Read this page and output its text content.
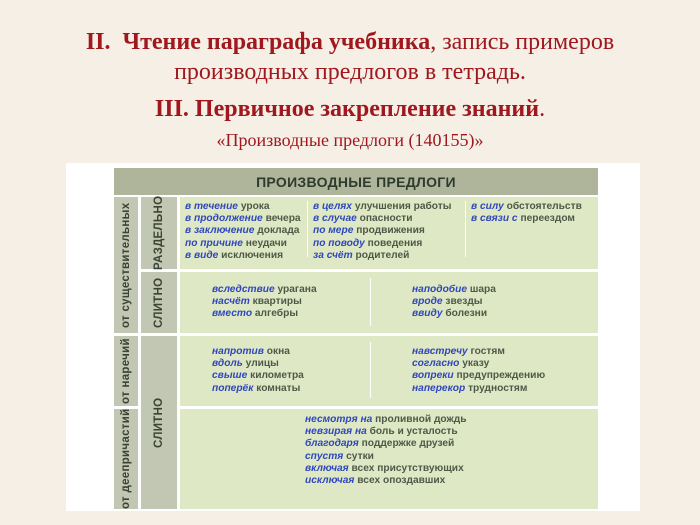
II. Чтение параграфа учебника, запись примеров
производных предлогов в тетрадь.
III. Первичное закрепление знаний.
«Производные предлоги (140155)»
ПРОИЗВОДНЫЕ ПРЕДЛОГИ
от существительных
от наречий
от деепричастий
РАЗДЕЛЬНО
СЛИТНО
СЛИТНО
в течение урока
в продолжение вечера
в заключение доклада
по причине неудачи
в виде исключения
в целях улучшения работы
в случае опасности
по мере продвижения
по поводу поведения
за счёт родителей
в силу обстоятельств
в связи с переездом
вследствие урагана
насчёт квартиры
вместо алгебры
наподобие шара
вроде звезды
ввиду болезни
напротив окна
вдоль улицы
свыше километра
поперёк комнаты
навстречу гостям
согласно указу
вопреки предупреждению
наперекор трудностям
несмотря на проливной дождь
невзирая на боль и усталость
благодаря поддержке друзей
спустя сутки
включая всех присутствующих
исключая всех опоздавших
